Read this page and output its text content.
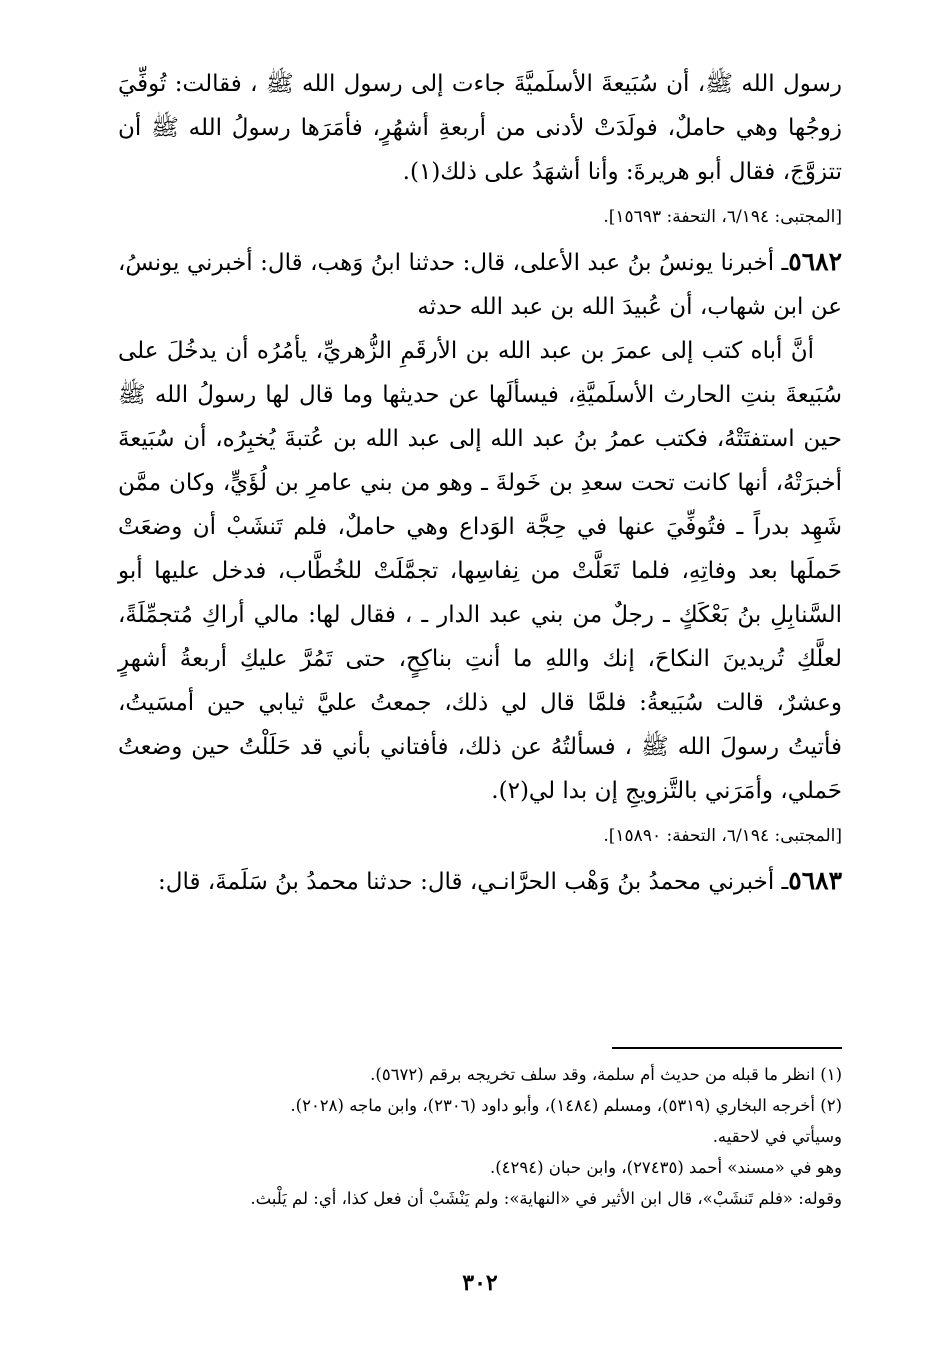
رسول الله ﷺ، أن سُبَيعةَ الأسلَميَّةَ جاءت إلى رسول الله ﷺ ، فقالت: تُوفِّيَ زوجُها وهي حاملٌ، فولَدَتْ لأدنى من أربعةِ أشهُرٍ، فأمَرَها رسولُ الله ﷺ أن تتزوَّجَ، فقال أبو هريرةَ: وأنا أشهَدُ على ذلك(١).

[المجتبى: ٦/١٩٤، التحفة: ١٥٦٩٣].

٥٦٨٢ـ أخبرنا يونسُ بنُ عبد الأعلى، قال: حدثنا ابنُ وَهب، قال: أخبرني يونسُ، عن ابن شهاب، أن عُبيدَ الله بن عبد الله حدثه

أنَّ أباه كتب إلى عمرَ بن عبد الله بن الأرقَمِ الزُّهريِّ، يأمُرُه أن يدخُلَ على سُبَيعةَ بنتِ الحارث الأسلَميَّةِ، فيسألَها عن حديثها وما قال لها رسولُ الله ﷺ حين استفتَتْهُ، فكتب عمرُ بنُ عبد الله إلى عبد الله بن عُتبةَ يُخبِرُه، أن سُبَيعةَ أخبرَتْهُ، أنها كانت تحت سعدِ بن خَولةَ ـ وهو من بني عامرِ بن لُؤَيٍّ، وكان ممَّن شَهِد بدراً ـ فتُوفِّيَ عنها في حِجَّة الوَداع وهي حاملٌ، فلم تَنشَبْ أن وضعَتْ حَملَها بعد وفاتِهِ، فلما تَعَلَّتْ من نِفاسِها، تجمَّلَتْ للخُطَّاب، فدخل عليها أبو السَّنابِلِ بنُ بَعْكَكٍ ـ رجلٌ من بني عبد الدار ـ ، فقال لها: مالي أراكِ مُتجمِّلَةً، لعلَّكِ تُريدينَ النكاحَ، إنك واللهِ ما أنتِ بناكِحٍ، حتى تَمُرَّ عليكِ أربعةُ أشهرٍ وعشرٌ، قالت سُبَيعةُ: فلمَّا قال لي ذلك، جمعتُ عليَّ ثيابي حين أمسَيتُ، فأتيتُ رسولَ الله ﷺ ، فسألتُهُ عن ذلك، فأفتاني بأني قد حَلَلْتُ حين وضعتُ حَملي، وأمَرَني بالتَّزويجِ إن بدا لي(٢).

[المجتبى: ٦/١٩٤، التحفة: ١٥٨٩٠].

٥٦٨٣ـ أخبرني محمدُ بنُ وَهْب الحرَّانـي، قال: حدثنا محمدُ بنُ سَلَمةَ، قال:

(١) انظر ما قبله من حديث أم سلمة، وقد سلف تخريجه برقم (٥٦٧٢).

(٢) أخرجه البخاري (٥٣١٩)، ومسلم (١٤٨٤)، وأبو داود (٢٣٠٦)، وابن ماجه (٢٠٢٨).

وسيأتي في لاحقيه.

وهو في «مسند» أحمد (٢٧٤٣٥)، وابن حبان (٤٢٩٤).

وقوله: «فلم تَنشَبْ»، قال ابن الأثير في «النهاية»: ولم يَنْشَبْ أن فعل كذا، أي: لم يَلْبث.

٣٠٢
